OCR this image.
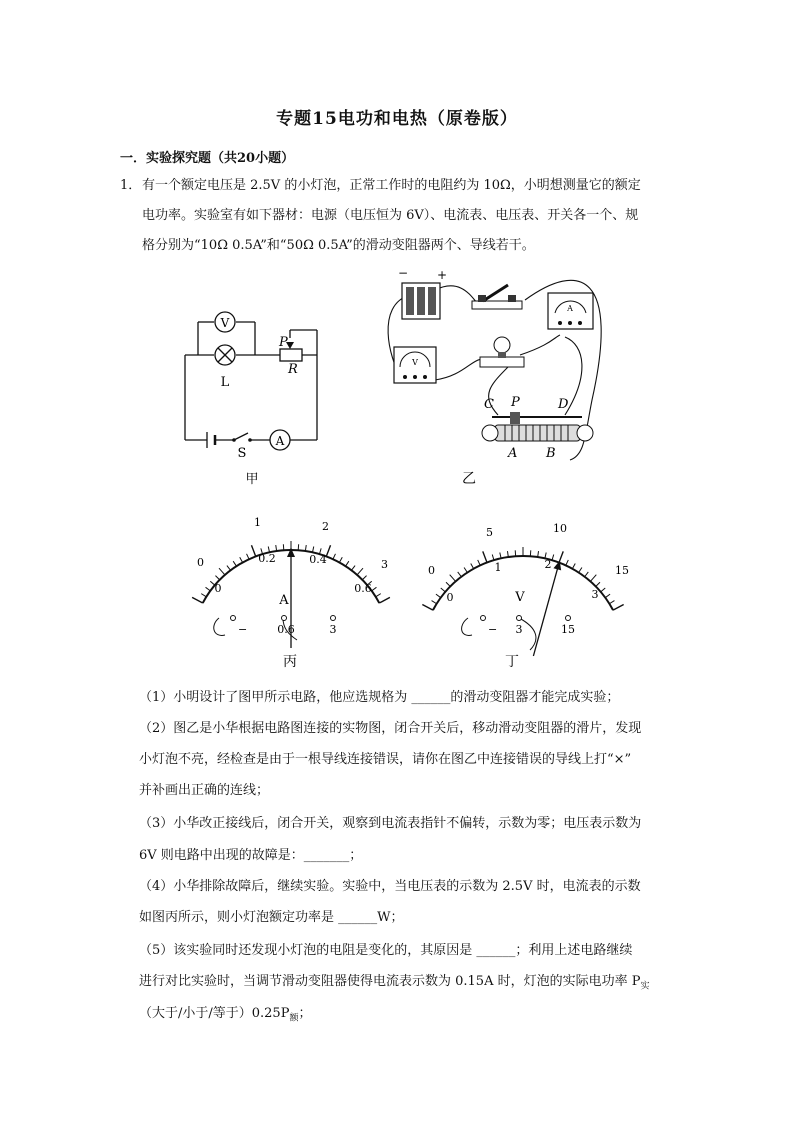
专题15电功和电热（原卷版）
一．实验探究题（共20小题）
1． 有一个额定电压是 2.5V 的小灯泡，正常工作时的电阻约为 10Ω，小明想测量它的额定
电功率。实验室有如下器材：电源（电压恒为 6V）、电流表、电压表、开关各一个、规
格分别为“10Ω 0.5A”和“50Ω 0.5A”的滑动变阻器两个、导线若干。
V
A
L
P
R
S
甲
− +
A
V
C P	D
A B
乙
0
1	2
3
0
0.2	0.4
0.6
A
−	0.6	3
丙
0
5	10
15
0
1	2
3
V
− 3	15
丁
（1）小明设计了图甲所示电路，他应选规格为 ______的滑动变阻器才能完成实验；
（2）图乙是小华根据电路图连接的实物图，闭合开关后，移动滑动变阻器的滑片，发现
小灯泡不亮，经检查是由于一根导线连接错误，请你在图乙中连接错误的导线上打“×”
并补画出正确的连线；
（3）小华改正接线后，闭合开关，观察到电流表指针不偏转，示数为零；电压表示数为
6V 则电路中出现的故障是：_______；
（4）小华排除故障后，继续实验。实验中，当电压表的示数为 2.5V 时，电流表的示数
如图丙所示，则小灯泡额定功率是 ______W；
（5）该实验同时还发现小灯泡的电阻是变化的，其原因是 ______；利用上述电路继续
进行对比实验时，当调节滑动变阻器使得电流表示数为 0.15A 时，灯泡的实际电功率 $P_实$
（大于/小于/等于）$0.25P_额$；
